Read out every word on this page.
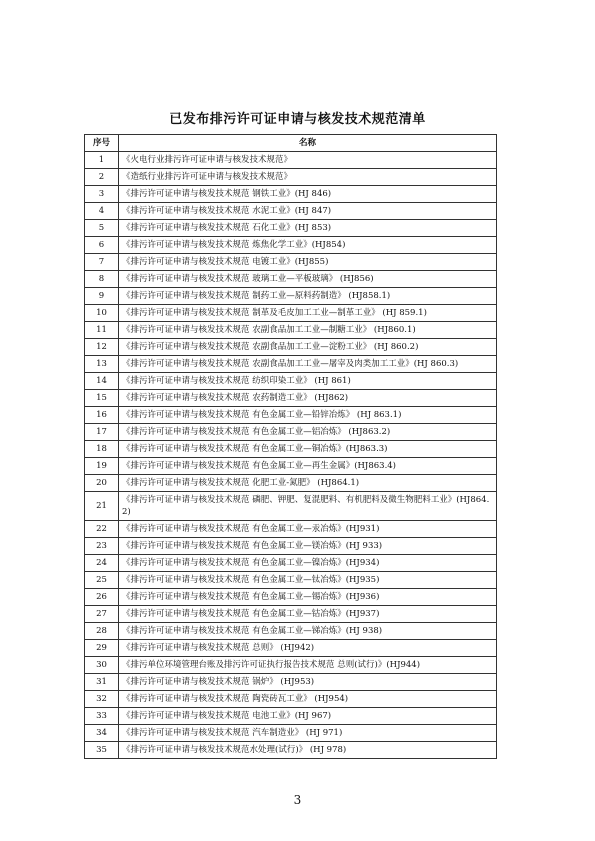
已发布排污许可证申请与核发技术规范清单
序号	名称
1	《火电行业排污许可证申请与核发技术规范》
2	《造纸行业排污许可证申请与核发技术规范》
3	《排污许可证申请与核发技术规范 钢铁工业》(HJ 846)
4	《排污许可证申请与核发技术规范 水泥工业》(HJ 847)
5	《排污许可证申请与核发技术规范 石化工业》(HJ 853)
6	《排污许可证申请与核发技术规范 炼焦化学工业》(HJ854)
7	《排污许可证申请与核发技术规范 电镀工业》(HJ855)
8	《排污许可证申请与核发技术规范 玻璃工业—平板玻璃》 (HJ856)
9	《排污许可证申请与核发技术规范 制药工业—原料药制造》 (HJ858.1)
10	《排污许可证申请与核发技术规范 制革及毛皮加工工业—制革工业》 (HJ 859.1)
11	《排污许可证申请与核发技术规范 农副食品加工工业—制糖工业》 (HJ860.1)
12	《排污许可证申请与核发技术规范 农副食品加工工业—淀粉工业》 (HJ 860.2)
13	《排污许可证申请与核发技术规范 农副食品加工工业—屠宰及肉类加工工业》(HJ 860.3)
14	《排污许可证申请与核发技术规范 纺织印染工业》 (HJ 861)
15	《排污许可证申请与核发技术规范 农药制造工业》 (HJ862)
16	《排污许可证申请与核发技术规范 有色金属工业—铅锌冶炼》 (HJ 863.1)
17	《排污许可证申请与核发技术规范 有色金属工业—铝冶炼》 (HJ863.2)
18	《排污许可证申请与核发技术规范 有色金属工业—铜冶炼》(HJ863.3)
19	《排污许可证申请与核发技术规范 有色金属工业—再生金属》(HJ863.4)
20	《排污许可证申请与核发技术规范 化肥工业-氮肥》 (HJ864.1)
21	《排污许可证申请与核发技术规范 磷肥、钾肥、复混肥料、有机肥料及微生物肥料工业》(HJ864.2)
22	《排污许可证申请与核发技术规范 有色金属工业—汞冶炼》(HJ931)
23	《排污许可证申请与核发技术规范 有色金属工业—镁冶炼》(HJ 933)
24	《排污许可证申请与核发技术规范 有色金属工业—镍冶炼》(HJ934)
25	《排污许可证申请与核发技术规范 有色金属工业—钛冶炼》(HJ935)
26	《排污许可证申请与核发技术规范 有色金属工业—锡冶炼》(HJ936)
27	《排污许可证申请与核发技术规范 有色金属工业—钴冶炼》(HJ937)
28	《排污许可证申请与核发技术规范 有色金属工业—锑冶炼》(HJ 938)
29	《排污许可证申请与核发技术规范 总则》 (HJ942)
30	《排污单位环境管理台账及排污许可证执行报告技术规范 总则(试行)》(HJ944)
31	《排污许可证申请与核发技术规范 锅炉》 (HJ953)
32	《排污许可证申请与核发技术规范 陶瓷砖瓦工业》 (HJ954)
33	《排污许可证申请与核发技术规范 电池工业》(HJ 967)
34	《排污许可证申请与核发技术规范 汽车制造业》 (HJ 971)
35	《排污许可证申请与核发技术规范水处理(试行)》 (HJ 978)
3
